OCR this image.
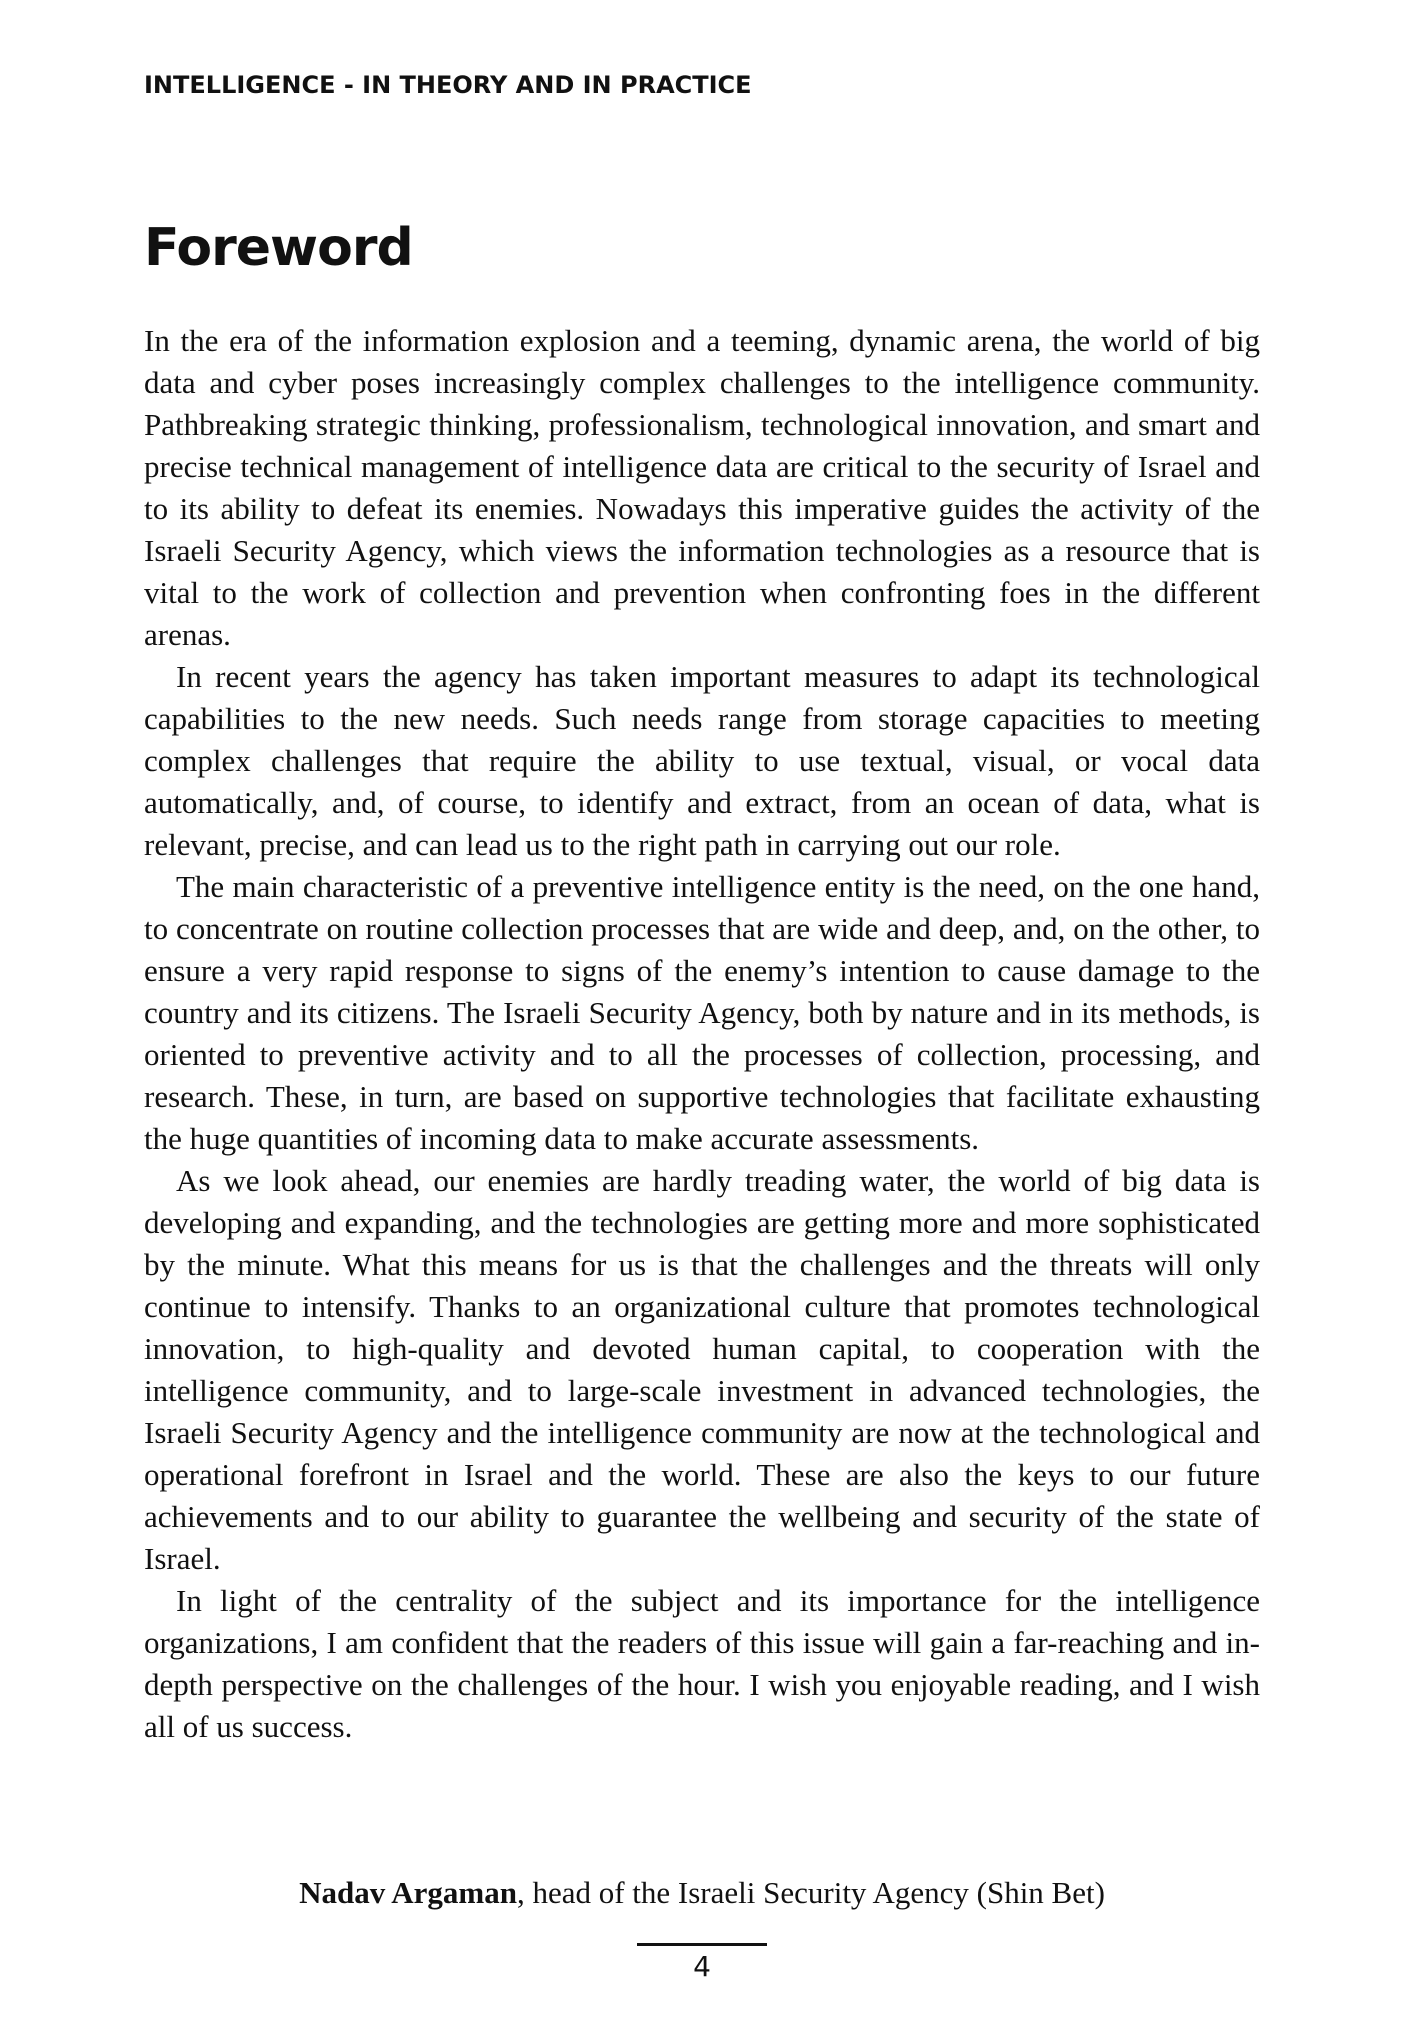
INTELLIGENCE - IN THEORY AND IN PRACTICE
Foreword

In the era of the information explosion and a teeming, dynamic arena, the world of big data and cyber poses increasingly complex challenges to the intelligence community. Pathbreaking strategic thinking, professionalism, technological innovation, and smart and precise technical management of intelligence data are critical to the security of Israel and to its ability to defeat its enemies. Nowadays this imperative guides the activity of the Israeli Security Agency, which views the information technologies as a resource that is vital to the work of collection and prevention when confronting foes in the different arenas.

In recent years the agency has taken important measures to adapt its technological capabilities to the new needs. Such needs range from storage capacities to meeting complex challenges that require the ability to use textual, visual, or vocal data automatically, and, of course, to identify and extract, from an ocean of data, what is relevant, precise, and can lead us to the right path in carrying out our role.

The main characteristic of a preventive intelligence entity is the need, on the one hand, to concentrate on routine collection processes that are wide and deep, and, on the other, to ensure a very rapid response to signs of the enemy’s intention to cause damage to the country and its citizens. The Israeli Security Agency, both by nature and in its methods, is oriented to preventive activity and to all the processes of collection, processing, and research. These, in turn, are based on supportive technologies that facilitate exhausting the huge quantities of incoming data to make accurate assessments.

As we look ahead, our enemies are hardly treading water, the world of big data is developing and expanding, and the technologies are getting more and more sophisticated by the minute. What this means for us is that the challenges and the threats will only continue to intensify. Thanks to an organizational culture that promotes technological innovation, to high-quality and devoted human capital, to cooperation with the intelligence community, and to large-scale investment in advanced technologies, the Israeli Security Agency and the intelligence community are now at the technological and operational forefront in Israel and the world. These are also the keys to our future achievements and to our ability to guarantee the wellbeing and security of the state of Israel.

In light of the centrality of the subject and its importance for the intelligence organizations, I am confident that the readers of this issue will gain a far-reaching and in-depth perspective on the challenges of the hour. I wish you enjoyable reading, and I wish all of us success.

Nadav Argaman, head of the Israeli Security Agency (Shin Bet)
4
